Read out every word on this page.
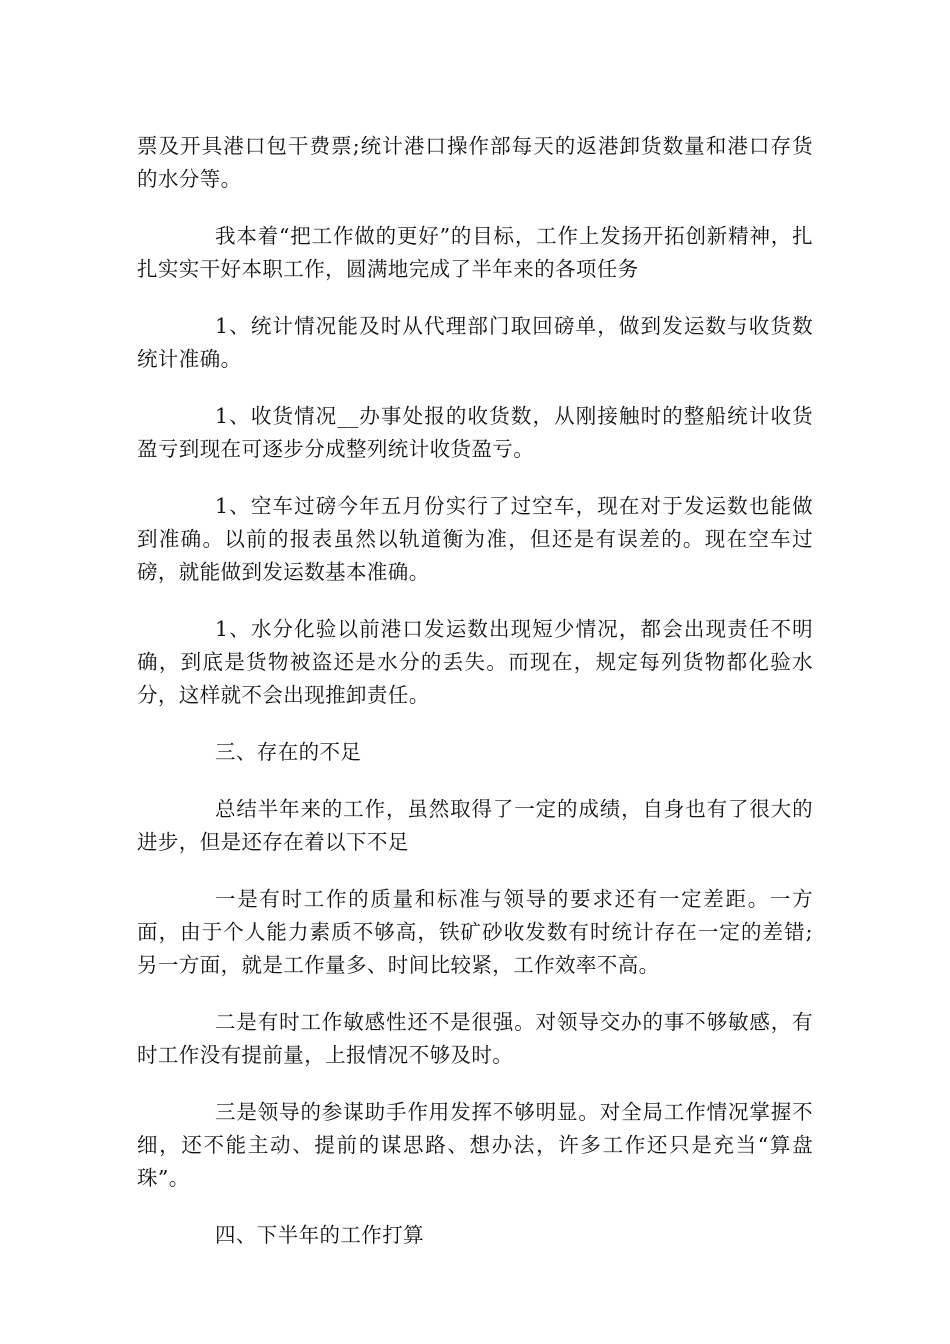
票及开具港口包干费票;统计港口操作部每天的返港卸货数量和港口存货的水分等。

我本着“把工作做的更好”的目标，工作上发扬开拓创新精神，扎扎实实干好本职工作，圆满地完成了半年来的各项任务

1、统计情况能及时从代理部门取回磅单，做到发运数与收货数统计准确。

1、收货情况__办事处报的收货数，从刚接触时的整船统计收货盈亏到现在可逐步分成整列统计收货盈亏。

1、空车过磅今年五月份实行了过空车，现在对于发运数也能做到准确。以前的报表虽然以轨道衡为准，但还是有误差的。现在空车过磅，就能做到发运数基本准确。

1、水分化验以前港口发运数出现短少情况，都会出现责任不明确，到底是货物被盗还是水分的丢失。而现在，规定每列货物都化验水分，这样就不会出现推卸责任。

三、存在的不足

总结半年来的工作，虽然取得了一定的成绩，自身也有了很大的进步，但是还存在着以下不足

一是有时工作的质量和标准与领导的要求还有一定差距。一方面，由于个人能力素质不够高，铁矿砂收发数有时统计存在一定的差错;另一方面，就是工作量多、时间比较紧，工作效率不高。

二是有时工作敏感性还不是很强。对领导交办的事不够敏感，有时工作没有提前量，上报情况不够及时。

三是领导的参谋助手作用发挥不够明显。对全局工作情况掌握不细，还不能主动、提前的谋思路、想办法，许多工作还只是充当“算盘珠”。

四、下半年的工作打算
